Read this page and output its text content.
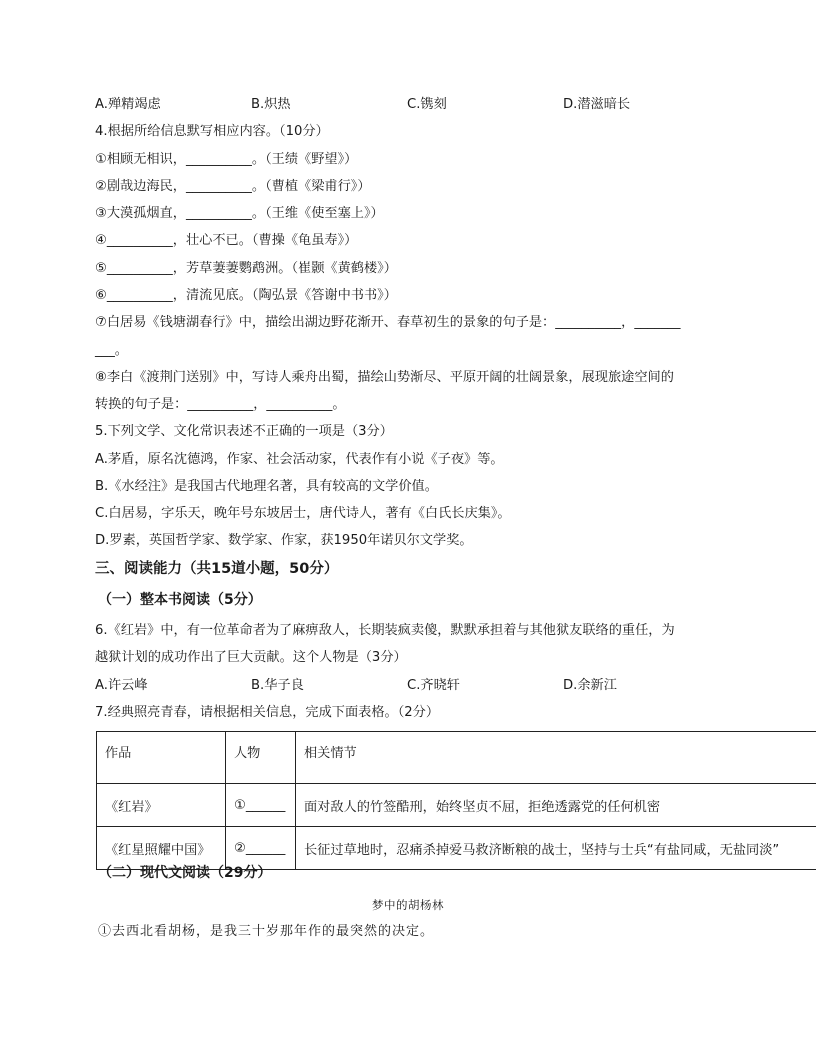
A.殚精竭虑	B.炽热	C.镌刻	D.潜滋暗长
4.根据所给信息默写相应内容。（10分）
①相顾无相识，__________。（王绩《野望》）
②剧哉边海民，__________。（曹植《梁甫行》）
③大漠孤烟直，__________。（王维《使至塞上》）
④__________，壮心不已。（曹操《龟虽寿》）
⑤__________，芳草萋萋鹦鹉洲。（崔颢《黄鹤楼》）
⑥__________，清流见底。（陶弘景《答谢中书书》）
⑦白居易《钱塘湖春行》中，描绘出湖边野花渐开、春草初生的景象的句子是：__________，_______
___。
⑧李白《渡荆门送别》中，写诗人乘舟出蜀，描绘山势渐尽、平原开阔的壮阔景象，展现旅途空间的
转换的句子是：__________，__________。
5.下列文学、文化常识表述不正确的一项是（3分）
A.茅盾，原名沈德鸿，作家、社会活动家，代表作有小说《子夜》等。
B.《水经注》是我国古代地理名著，具有较高的文学价值。
C.白居易，字乐天，晚年号东坡居士，唐代诗人，著有《白氏长庆集》。
D.罗素，英国哲学家、数学家、作家，获1950年诺贝尔文学奖。
三、阅读能力（共15道小题，50分）
（一）整本书阅读（5分）
6.《红岩》中，有一位革命者为了麻痹敌人，长期装疯卖傻，默默承担着与其他狱友联络的重任，为
越狱计划的成功作出了巨大贡献。这个人物是（3分）
A.许云峰	B.华子良	C.齐晓轩	D.余新江
7.经典照亮青春，请根据相关信息，完成下面表格。（2分）
作品	人物	相关情节
《红岩》	①______	面对敌人的竹签酷刑，始终坚贞不屈，拒绝透露党的任何机密
《红星照耀中国》	②______	长征过草地时，忍痛杀掉爱马救济断粮的战士，坚持与士兵“有盐同咸，无盐同淡”
（二）现代文阅读（29分）
梦中的胡杨林
①去西北看胡杨，是我三十岁那年作的最突然的决定。
